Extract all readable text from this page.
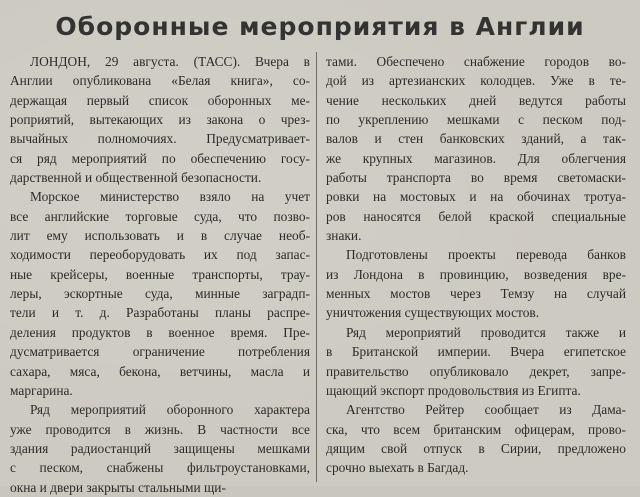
Оборонные мероприятия в Англии

ЛОНДОН, 29 августа. (ТАСС). Вчера в
Англии опубликована «Белая книга», со-
держащая первый список оборонных ме-
роприятий, вытекающих из закона о чрез-
вычайных полномочиях. Предусматривает-
ся ряд мероприятий по обеспечению госу-
дарственной и общественной безопасности.

Морское министерство взяло на учет
все английские торговые суда, что позво-
лит ему использовать и в случае необ-
ходимости переоборудовать их под запас-
ные крейсеры, военные транспорты, трау-
леры, эскортные суда, минные заградп-
тели и т. д. Разработаны планы распре-
деления продуктов в военное время. Пре-
дусматривается ограничение потребления
сахара, мяса, бекона, ветчины, масла и
маргарина.

Ряд мероприятий оборонного характера
уже проводится в жизнь. В частности все
здания радиостанций защищены мешками
с песком, снабжены фильтроустановками,
окна и двери закрыты стальными щи-

тами. Обеспечено снабжение городов во-
дой из артезианских колодцев. Уже в те-
чение нескольких дней ведутся работы
по укреплению мешками с песком под-
валов и стен банковских зданий, а так-
же крупных магазинов. Для облегчения
работы транспорта во время светомаски-
ровки на мостовых и на обочинах тротуа-
ров наносятся белой краской специальные
знаки.

Подготовлены проекты перевода банков
из Лондона в провинцию, возведения вре-
менных мостов через Темзу на случай
уничтожения существующих мостов.

Ряд мероприятий проводится также и
в Британской империи. Вчера египетское
правительство опубликовало декрет, запре-
щающий экспорт продовольствия из Египта.

Агентство Рейтер сообщает из Дама-
ска, что всем британским офицерам, прово-
дящим свой отпуск в Сирии, предложено
срочно выехать в Багдад.
